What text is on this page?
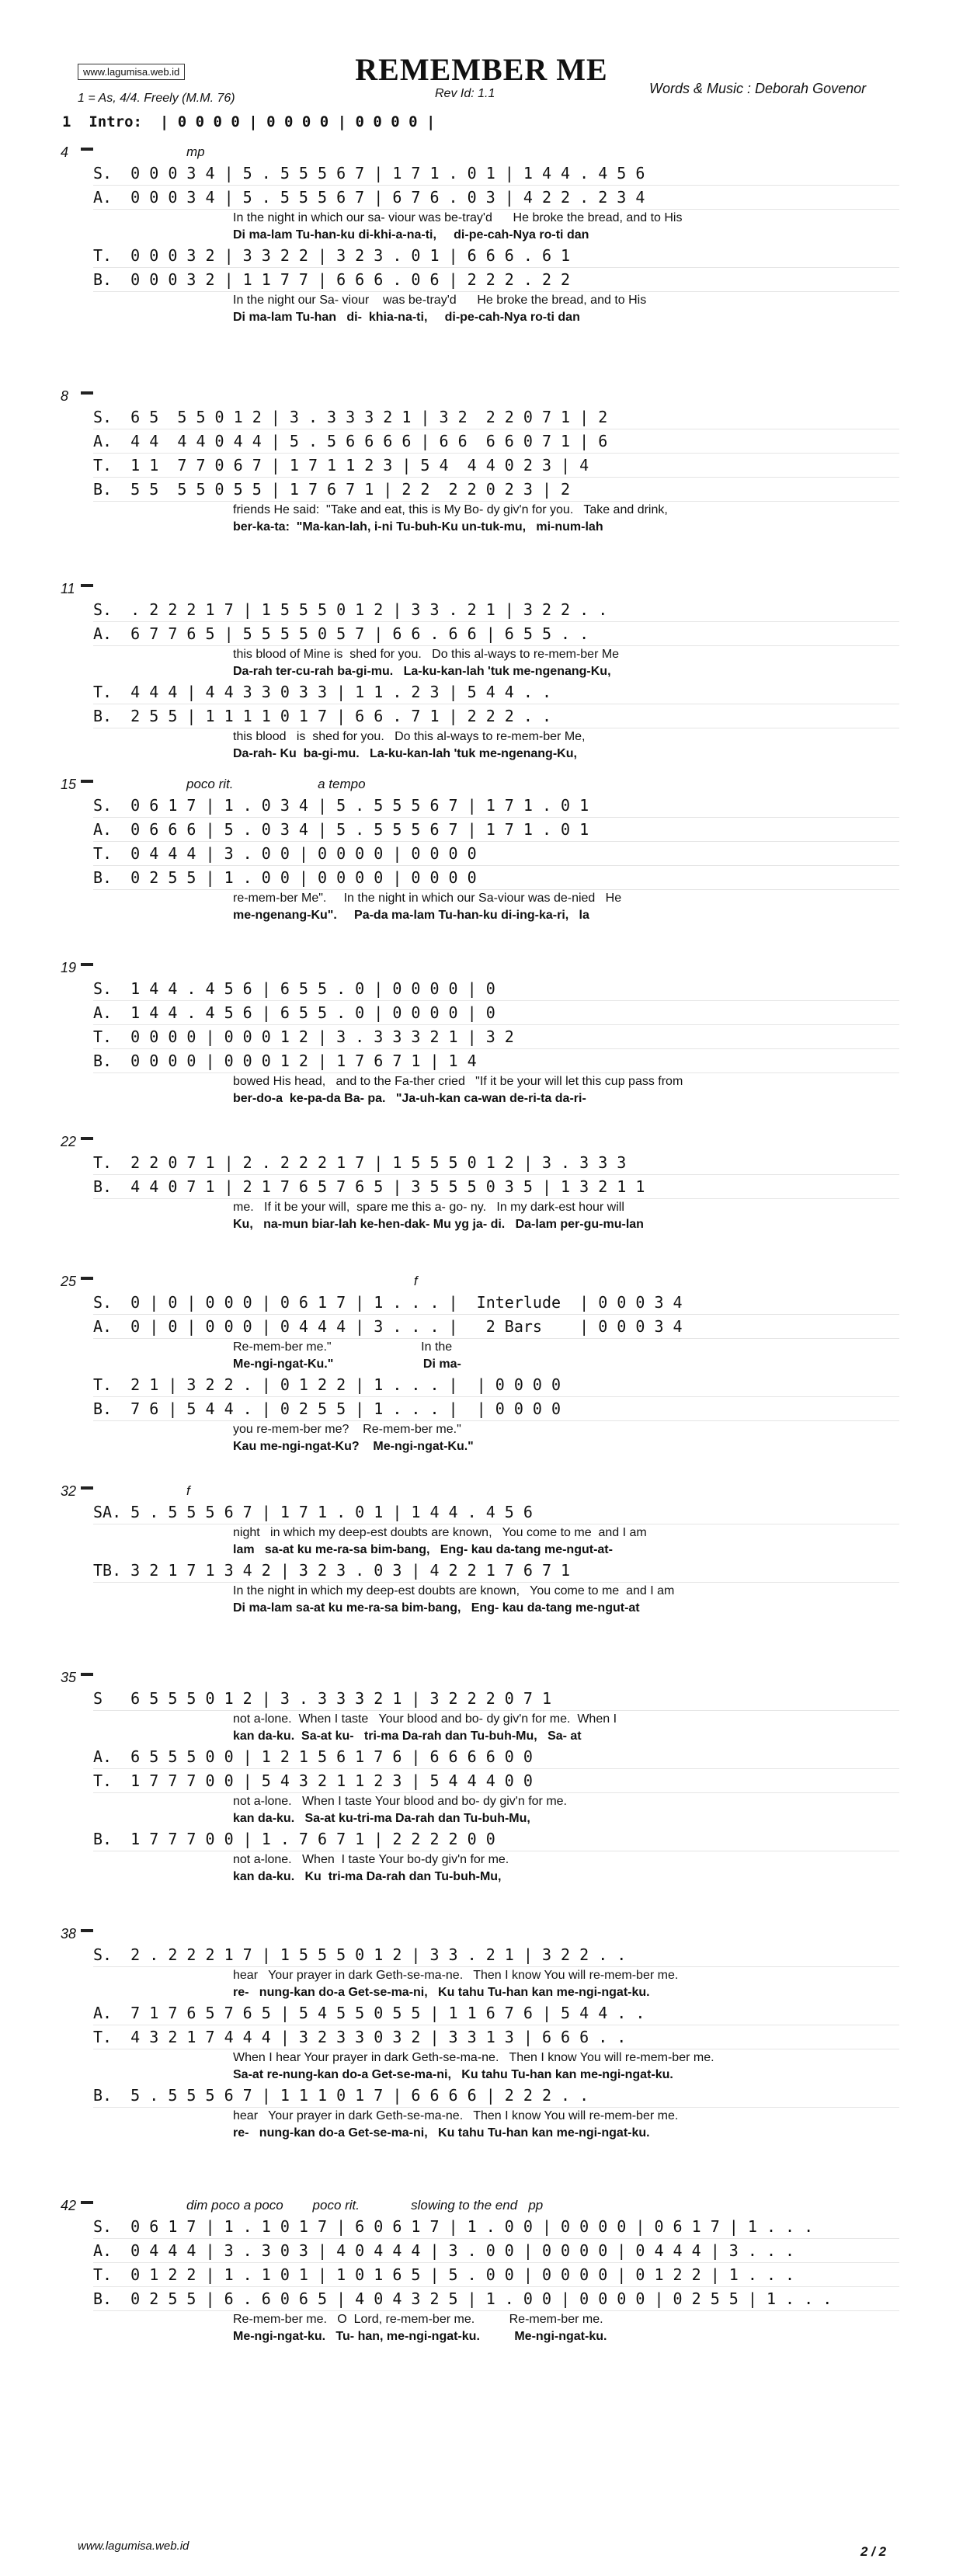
www.lagumisa.web.id	REMEMBER ME
Rev Id: 1.1	Words & Music : Deborah Govenor
1 = As, 4/4. Freely (M.M. 76)
1  Intro:  | 0 0 0 0 | 0 0 0 0 | 0 0 0 0 |
4	mp
S.  0 0 0 3 4 | 5 . 5 5 5 6 7 | 1 7 1 . 0 1 | 1 4 4 . 4 5 6
A.  0 0 0 3 4 | 5 . 5 5 5 6 7 | 6 7 6 . 0 3 | 4 2 2 . 2 3 4
In the night in which our sa- viour was be-tray'd      He broke the bread, and to His
Di ma-lam Tu-han-ku di-khi-a-na-ti,     di-pe-cah-Nya ro-ti dan
T.  0 0 0 3 2 | 3 3 2 2 | 3 2 3 . 0 1 | 6 6 6 . 6 1
B.  0 0 0 3 2 | 1 1 7 7 | 6 6 6 . 0 6 | 2 2 2 . 2 2
In the night our Sa- viour    was be-tray'd      He broke the bread, and to His
Di ma-lam Tu-han   di-  khia-na-ti,     di-pe-cah-Nya ro-ti dan
8
S.  6 5  5 5 0 1 2 | 3 . 3 3 3 2 1 | 3 2  2 2 0 7 1 | 2
A.  4 4  4 4 0 4 4 | 5 . 5 6 6 6 6 | 6 6  6 6 0 7 1 | 6
T.  1 1  7 7 0 6 7 | 1 7 1 1 2 3 | 5 4  4 4 0 2 3 | 4
B.  5 5  5 5 0 5 5 | 1 7 6 7 1 | 2 2  2 2 0 2 3 | 2
friends He said:  "Take and eat, this is My Bo- dy giv'n for you.   Take and drink,
ber-ka-ta:  "Ma-kan-lah, i-ni Tu-buh-Ku un-tuk-mu,   mi-num-lah
11
S.  . 2 2 2 1 7 | 1 5 5 5 0 1 2 | 3 3 . 2 1 | 3 2 2 . .
A.  6 7 7 6 5 | 5 5 5 5 0 5 7 | 6 6 . 6 6 | 6 5 5 . .
this blood of Mine is  shed for you.   Do this al-ways to re-mem-ber Me
Da-rah ter-cu-rah ba-gi-mu.   La-ku-kan-lah 'tuk me-ngenang-Ku,
T.  4 4 4 | 4 4 3 3 0 3 3 | 1 1 . 2 3 | 5 4 4 . .
B.  2 5 5 | 1 1 1 1 0 1 7 | 6 6 . 7 1 | 2 2 2 . .
this blood   is  shed for you.   Do this al-ways to re-mem-ber Me,
Da-rah- Ku  ba-gi-mu.   La-ku-kan-lah 'tuk me-ngenang-Ku,
15	poco rit.                       a tempo
S.  0 6 1 7 | 1 . 0 3 4 | 5 . 5 5 5 6 7 | 1 7 1 . 0 1
A.  0 6 6 6 | 5 . 0 3 4 | 5 . 5 5 5 6 7 | 1 7 1 . 0 1
T.  0 4 4 4 | 3 . 0 0 | 0 0 0 0 | 0 0 0 0
B.  0 2 5 5 | 1 . 0 0 | 0 0 0 0 | 0 0 0 0
re-mem-ber Me".     In the night in which our Sa-viour was de-nied   He
me-ngenang-Ku".     Pa-da ma-lam Tu-han-ku di-ing-ka-ri,   la
19
S.  1 4 4 . 4 5 6 | 6 5 5 . 0 | 0 0 0 0 | 0
A.  1 4 4 . 4 5 6 | 6 5 5 . 0 | 0 0 0 0 | 0
T.  0 0 0 0 | 0 0 0 1 2 | 3 . 3 3 3 2 1 | 3 2
B.  0 0 0 0 | 0 0 0 1 2 | 1 7 6 7 1 | 1 4
bowed His head,   and to the Fa-ther cried   "If it be your will let this cup pass from
ber-do-a  ke-pa-da Ba- pa.   "Ja-uh-kan ca-wan de-ri-ta da-ri-
22
T.  2 2 0 7 1 | 2 . 2 2 2 1 7 | 1 5 5 5 0 1 2 | 3 . 3 3 3
B.  4 4 0 7 1 | 2 1 7 6 5 7 6 5 | 3 5 5 5 0 3 5 | 1 3 2 1 1
me.   If it be your will,  spare me this a- go- ny.   In my dark-est hour will
Ku,   na-mun biar-lah ke-hen-dak- Mu yg ja- di.   Da-lam per-gu-mu-lan
25	f
S.  0 | 0 | 0 0 0 | 0 6 1 7 | 1 . . . |  Interlude  | 0 0 0 3 4
A.  0 | 0 | 0 0 0 | 0 4 4 4 | 3 . . . |   2 Bars    | 0 0 0 3 4
Re-mem-ber me."                          In the
Me-ngi-ngat-Ku."                          Di ma-
T.  2 1 | 3 2 2 . | 0 1 2 2 | 1 . . . |  | 0 0 0 0
B.  7 6 | 5 4 4 . | 0 2 5 5 | 1 . . . |  | 0 0 0 0
you re-mem-ber me?    Re-mem-ber me."
Kau me-ngi-ngat-Ku?    Me-ngi-ngat-Ku."
32	f
SA. 5 . 5 5 5 6 7 | 1 7 1 . 0 1 | 1 4 4 . 4 5 6
night   in which my deep-est doubts are known,   You come to me  and I am
lam   sa-at ku me-ra-sa bim-bang,   Eng- kau da-tang me-ngut-at-
TB. 3 2 1 7 1 3 4 2 | 3 2 3 . 0 3 | 4 2 2 1 7 6 7 1
In the night in which my deep-est doubts are known,   You come to me  and I am
Di ma-lam sa-at ku me-ra-sa bim-bang,   Eng- kau da-tang me-ngut-at
35
S   6 5 5 5 0 1 2 | 3 . 3 3 3 2 1 | 3 2 2 2 0 7 1
not a-lone.  When I taste   Your blood and bo- dy giv'n for me.  When I
kan da-ku.  Sa-at ku-   tri-ma Da-rah dan Tu-buh-Mu,   Sa- at
A.  6 5 5 5 0 0 | 1 2 1 5 6 1 7 6 | 6 6 6 6 0 0
T.  1 7 7 7 0 0 | 5 4 3 2 1 1 2 3 | 5 4 4 4 0 0
not a-lone.   When I taste Your blood and bo- dy giv'n for me.
kan da-ku.   Sa-at ku-tri-ma Da-rah dan Tu-buh-Mu,
B.  1 7 7 7 0 0 | 1 . 7 6 7 1 | 2 2 2 2 0 0
not a-lone.   When  I taste Your bo-dy giv'n for me.
kan da-ku.   Ku  tri-ma Da-rah dan Tu-buh-Mu,
38
S.  2 . 2 2 2 1 7 | 1 5 5 5 0 1 2 | 3 3 . 2 1 | 3 2 2 . .
hear   Your prayer in dark Geth-se-ma-ne.   Then I know You will re-mem-ber me.
re-   nung-kan do-a Get-se-ma-ni,   Ku tahu Tu-han kan me-ngi-ngat-ku.
A.  7 1 7 6 5 7 6 5 | 5 4 5 5 0 5 5 | 1 1 6 7 6 | 5 4 4 . .
T.  4 3 2 1 7 4 4 4 | 3 2 3 3 0 3 2 | 3 3 1 3 | 6 6 6 . .
When I hear Your prayer in dark Geth-se-ma-ne.   Then I know You will re-mem-ber me.
Sa-at re-nung-kan do-a Get-se-ma-ni,   Ku tahu Tu-han kan me-ngi-ngat-ku.
B.  5 . 5 5 5 6 7 | 1 1 1 0 1 7 | 6 6 6 6 | 2 2 2 . .
hear   Your prayer in dark Geth-se-ma-ne.   Then I know You will re-mem-ber me.
re-   nung-kan do-a Get-se-ma-ni,   Ku tahu Tu-han kan me-ngi-ngat-ku.
42	dim poco a poco        poco rit.              slowing to the end   pp
S.  0 6 1 7 | 1 . 1 0 1 7 | 6 0 6 1 7 | 1 . 0 0 | 0 0 0 0 | 0 6 1 7 | 1 . . .
A.  0 4 4 4 | 3 . 3 0 3 | 4 0 4 4 4 | 3 . 0 0 | 0 0 0 0 | 0 4 4 4 | 3 . . .
T.  0 1 2 2 | 1 . 1 0 1 | 1 0 1 6 5 | 5 . 0 0 | 0 0 0 0 | 0 1 2 2 | 1 . . .
B.  0 2 5 5 | 6 . 6 0 6 5 | 4 0 4 3 2 5 | 1 . 0 0 | 0 0 0 0 | 0 2 5 5 | 1 . . .
Re-mem-ber me.   O  Lord, re-mem-ber me.          Re-mem-ber me.
Me-ngi-ngat-ku.   Tu- han, me-ngi-ngat-ku.          Me-ngi-ngat-ku.
www.lagumisa.web.id	2 / 2
